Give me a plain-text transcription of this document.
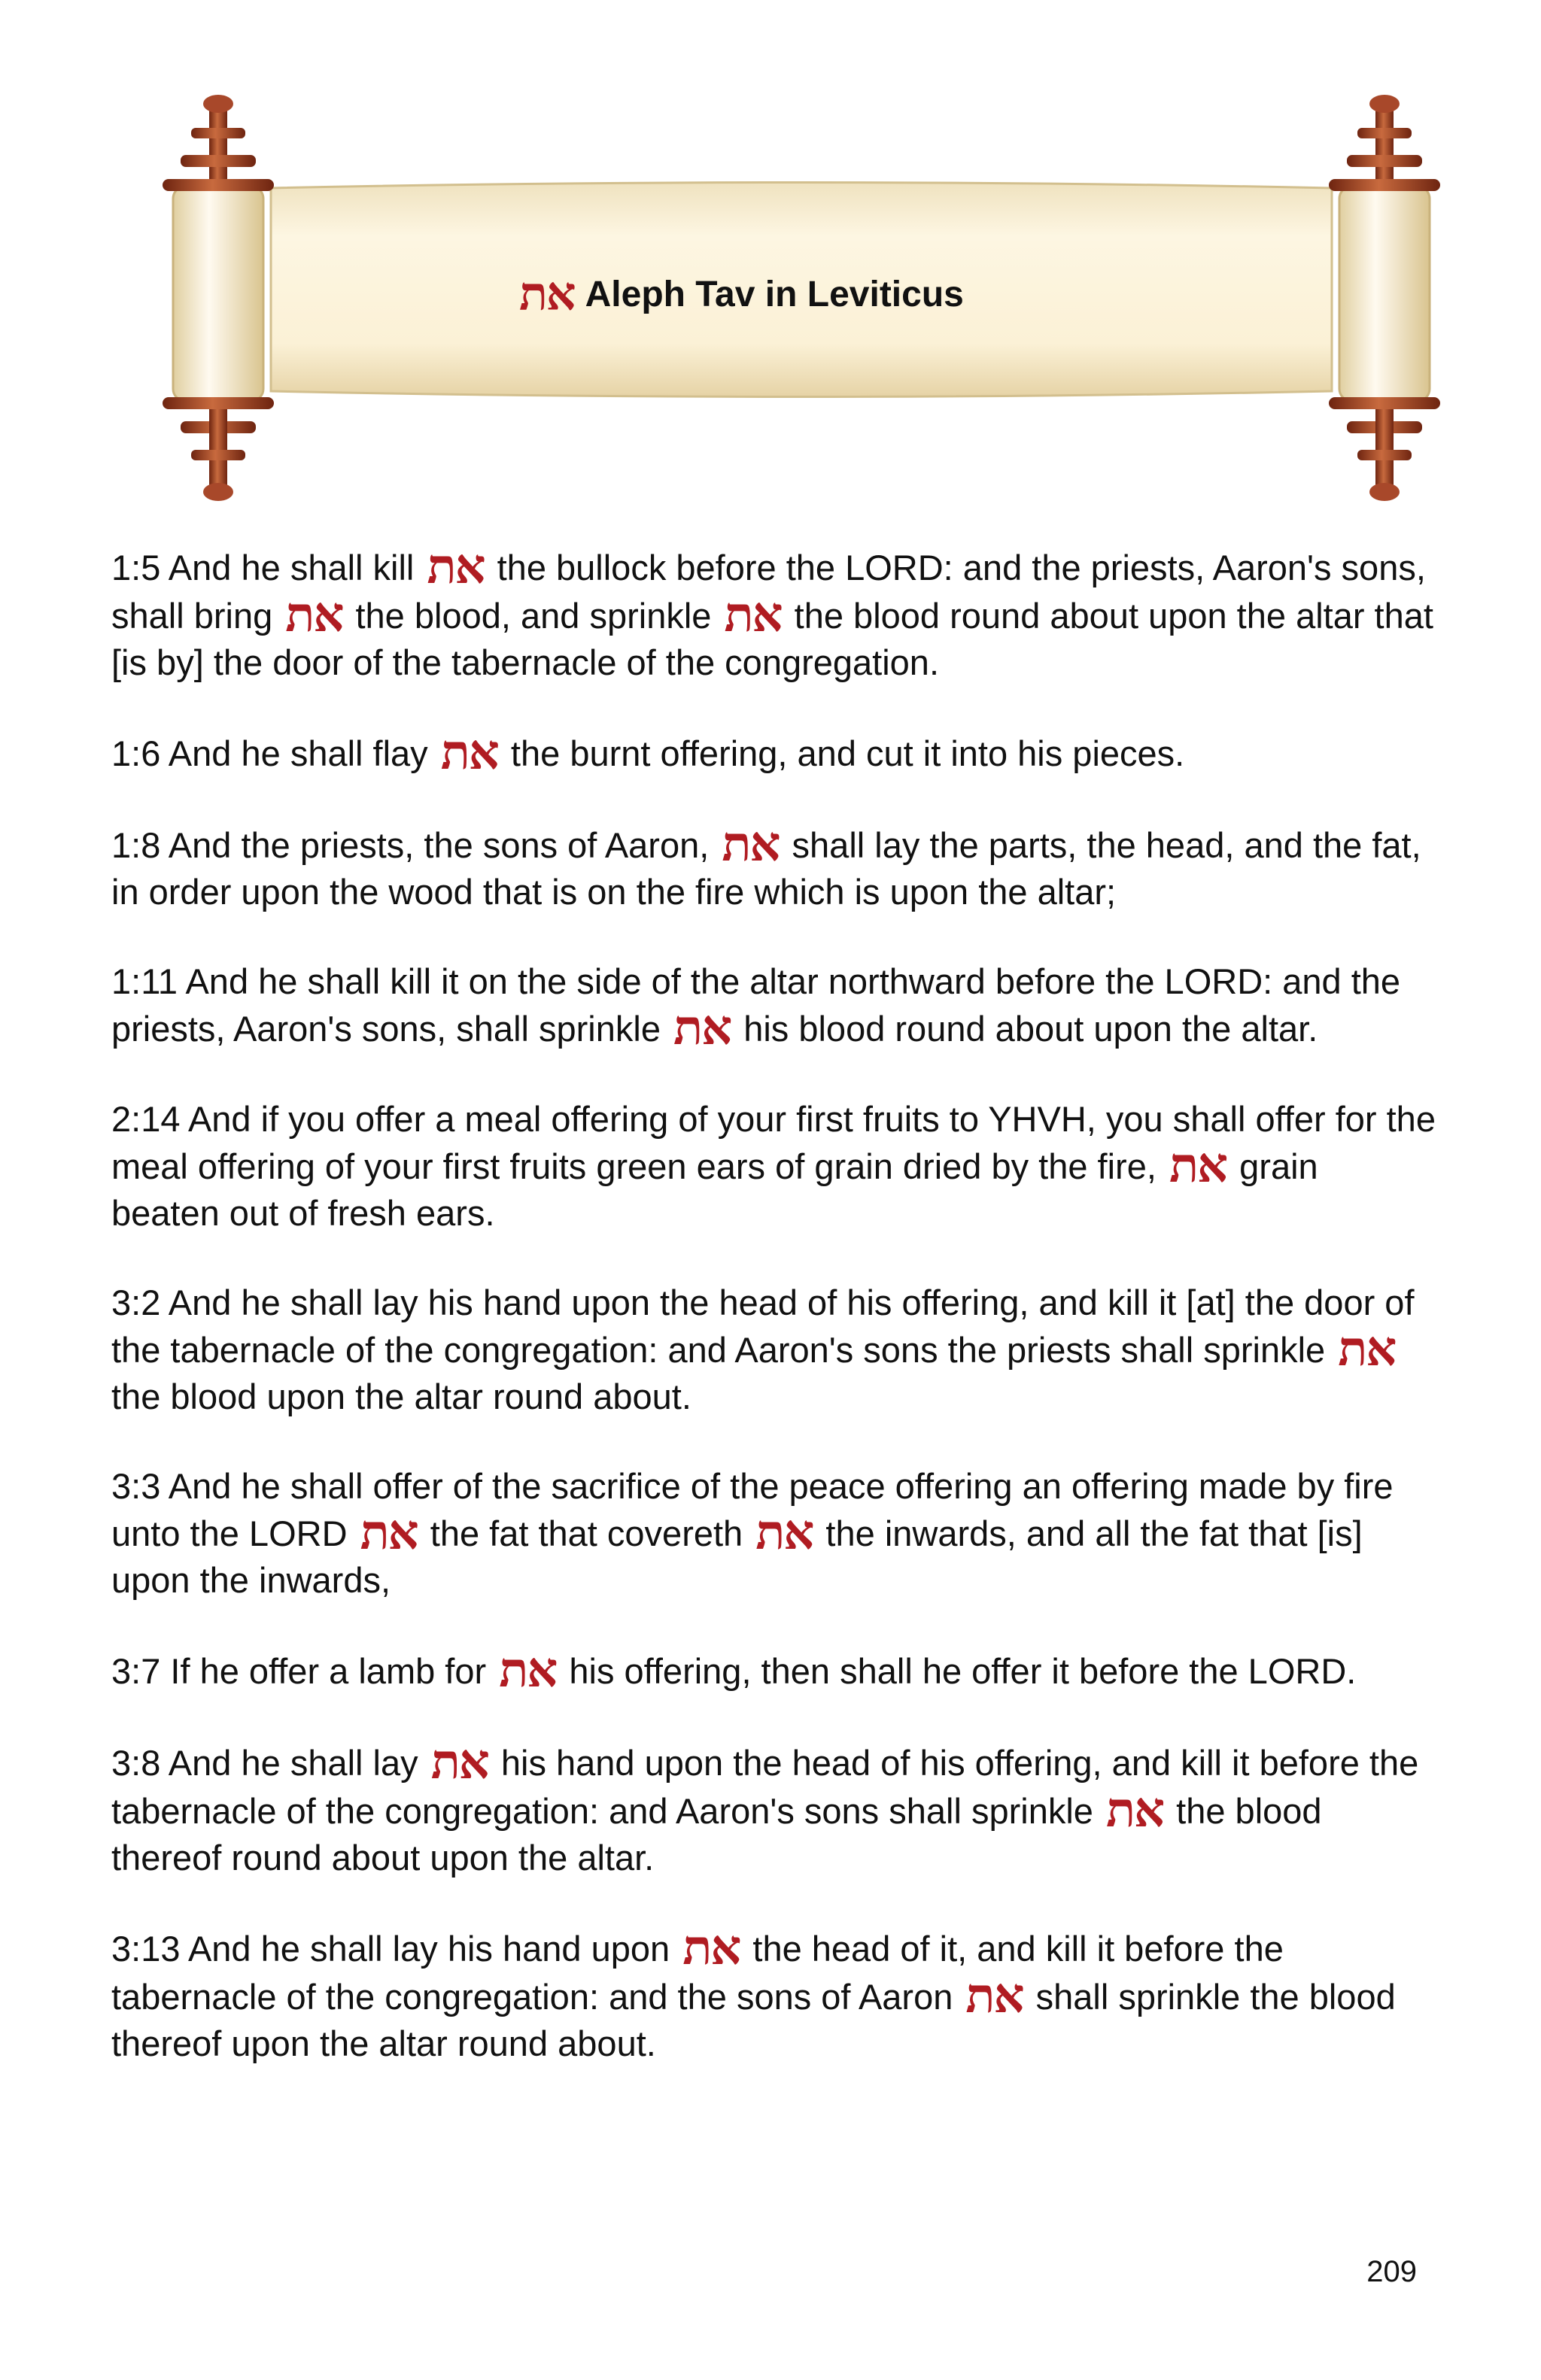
את Aleph Tav in Leviticus

1:5 And he shall kill את the bullock before the LORD: and the priests, Aaron's sons, shall bring את the blood, and sprinkle את the blood round about upon the altar that [is by] the door of the tabernacle of the congregation.

1:6 And he shall flay את the burnt offering, and cut it into his pieces.

1:8 And the priests, the sons of Aaron, את shall lay the parts, the head, and the fat, in order upon the wood that is on the fire which is upon the altar;

1:11 And he shall kill it on the side of the altar northward before the LORD: and the priests, Aaron's sons, shall sprinkle את his blood round about upon the altar.

2:14 And if you offer a meal offering of your first fruits to YHVH, you shall offer for the meal offering of your first fruits green ears of grain dried by the fire, את grain beaten out of fresh ears.

3:2 And he shall lay his hand upon the head of his offering, and kill it [at] the door of the tabernacle of the congregation: and Aaron's sons the priests shall sprinkle את the blood upon the altar round about.

3:3 And he shall offer of the sacrifice of the peace offering an offering made by fire unto the LORD את the fat that covereth את the inwards, and all the fat that [is] upon the inwards,

3:7 If he offer a lamb for את his offering, then shall he offer it before the LORD.

3:8 And he shall lay את his hand upon the head of his offering, and kill it before the tabernacle of the congregation: and Aaron's sons shall sprinkle את the blood thereof round about upon the altar.

3:13 And he shall lay his hand upon את the head of it, and kill it before the tabernacle of the congregation: and the sons of Aaron את shall sprinkle the blood thereof upon the altar round about.

209
